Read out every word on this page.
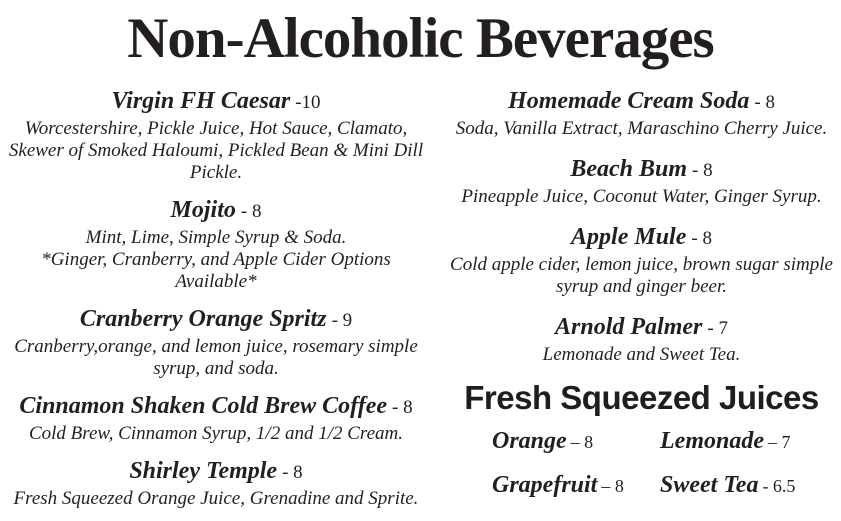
Non-Alcoholic Beverages
Virgin FH Caesar -10
Worcestershire, Pickle Juice, Hot Sauce, Clamato, Skewer of Smoked Haloumi, Pickled Bean & Mini Dill Pickle.
Mojito - 8
Mint, Lime, Simple Syrup & Soda.
*Ginger, Cranberry, and Apple Cider Options Available*
Cranberry Orange Spritz - 9
Cranberry,orange, and lemon juice, rosemary simple syrup, and soda.
Cinnamon Shaken Cold Brew Coffee - 8
Cold Brew, Cinnamon Syrup, 1/2 and 1/2 Cream.
Shirley Temple - 8
Fresh Squeezed Orange Juice, Grenadine and Sprite.
Homemade Cream Soda - 8
Soda, Vanilla Extract, Maraschino Cherry Juice.
Beach Bum - 8
Pineapple Juice, Coconut Water, Ginger Syrup.
Apple Mule - 8
Cold apple cider, lemon juice, brown sugar simple syrup and ginger beer.
Arnold Palmer - 7
Lemonade and Sweet Tea.
Fresh Squeezed Juices
Orange – 8	Lemonade – 7
Grapefruit – 8	Sweet Tea - 6.5
